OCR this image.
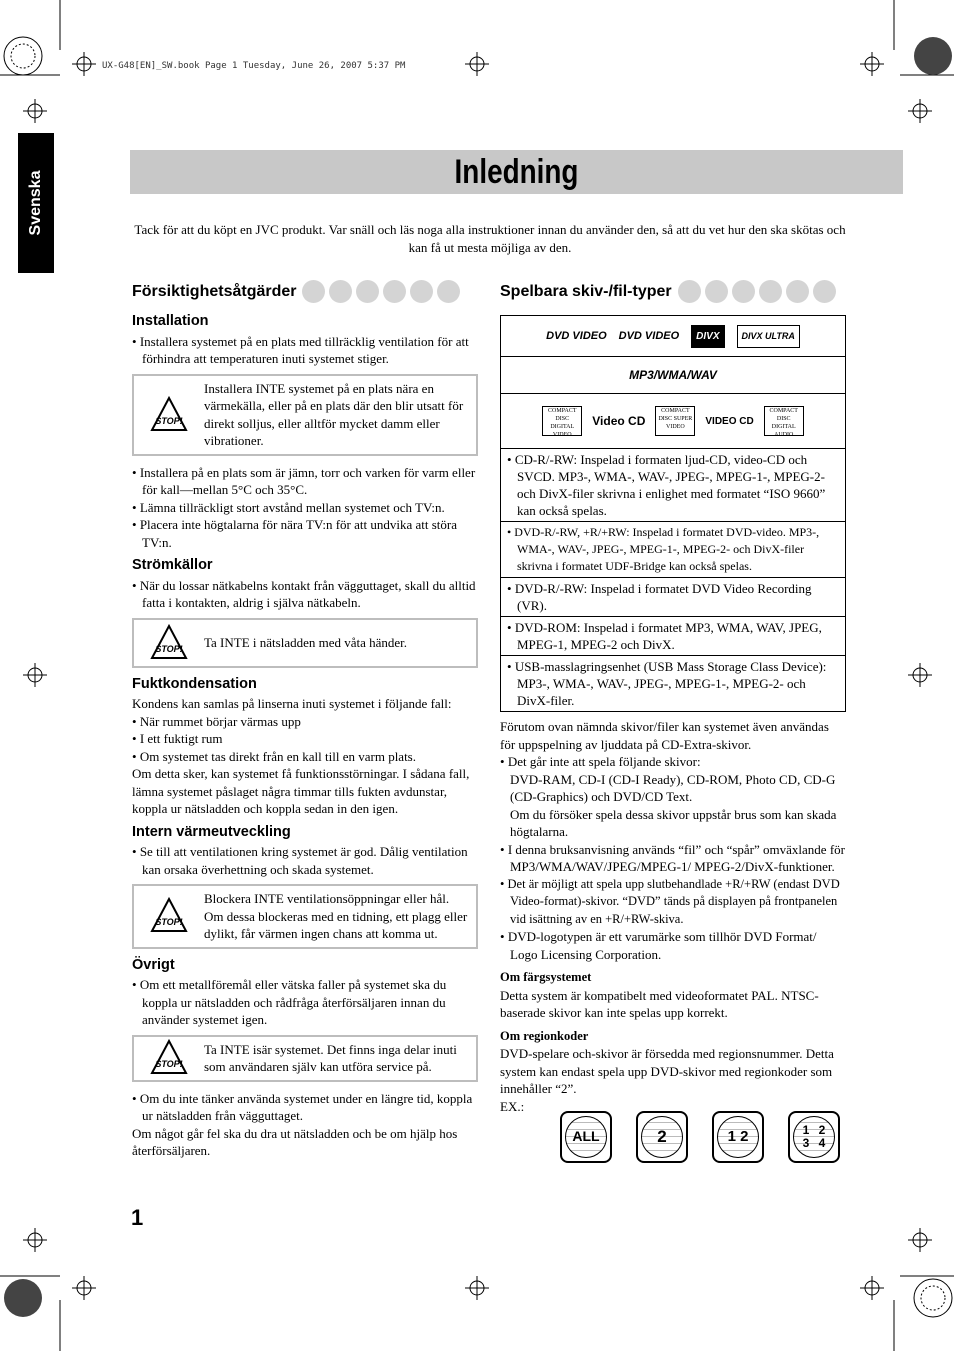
UX-G48[EN]_SW.book Page 1 Tuesday, June 26, 2007 5:37 PM
Svenska	Inledning
Tack för att du köpt en JVC produkt. Var snäll och läs noga alla instruktioner innan du använder den, så att du vet hur den ska skötas och kan få ut mesta möjliga av den.
Försiktighetsåtgärder
Installation

• Installera systemet på en plats med tillräcklig ventilation för att förhindra att temperaturen inuti systemet stiger.

STOP!
Installera INTE systemet på en plats nära en värmekälla, eller på en plats där den blir utsatt för direkt solljus, eller alltför mycket damm eller vibrationer.

• Installera på en plats som är jämn, torr och varken för varm eller för kall—mellan 5°C och 35°C.

• Lämna tillräckligt stort avstånd mellan systemet och TV:n.

• Placera inte högtalarna för nära TV:n för att undvika att störa TV:n.

Strömkällor

• När du lossar nätkabelns kontakt från vägguttaget, skall du alltid fatta i kontakten, aldrig i själva nätkabeln.

STOP! Ta INTE i nätsladden med våta händer.
Fuktkondensation

Kondens kan samlas på linserna inuti systemet i följande fall:

• När rummet börjar värmas upp

• I ett fuktigt rum

• Om systemet tas direkt från en kall till en varm plats.

Om detta sker, kan systemet få funktionsstörningar. I sådana fall, lämna systemet påslaget några timmar tills fukten avdunstar, koppla ur nätsladden och koppla sedan in den igen.

Intern värmeutveckling

• Se till att ventilationen kring systemet är god. Dålig ventilation kan orsaka överhettning och skada systemet.

STOP!
Blockera INTE ventilationsöppningar eller hål. Om dessa blockeras med en tidning, ett plagg eller dylikt, får värmen ingen chans att komma ut.
Övrigt

• Om ett metallföremål eller vätska faller på systemet ska du koppla ur nätsladden och rådfråga återförsäljaren innan du använder systemet igen.

STOP!
Ta INTE isär systemet. Det finns inga delar inuti som användaren själv kan utföra service på.

• Om du inte tänker använda systemet under en längre tid, koppla ur nätsladden från vägguttaget.

Om något går fel ska du dra ut nätsladden och be om hjälp hos återförsäljaren.

Spelbara skiv-/fil-typer
DVD VIDEO DVD VIDEO	DIVX	DIVX ULTRA

MP3/WMA/WAV

COMPACT DISC DIGITAL VIDEO
Video CD
COMPACT DISC SUPER VIDEO
VIDEO CD
COMPACT DISC DIGITAL AUDIO

• CD-R/-RW: Inspelad i formaten ljud-CD, video-CD och SVCD. MP3-, WMA-, WAV-, JPEG-, MPEG-1-, MPEG-2- och DivX-filer skrivna i enlighet med formatet “ISO 9660” kan också spelas.

• DVD-R/-RW, +R/+RW: Inspelad i formatet DVD-video. MP3-, WMA-, WAV-, JPEG-, MPEG-1-, MPEG-2- och DivX-filer skrivna i formatet UDF-Bridge kan också spelas.

• DVD-R/-RW: Inspelad i formatet DVD Video Recording (VR).

• DVD-ROM: Inspelad i formatet MP3, WMA, WAV, JPEG, MPEG-1, MPEG-2 och DivX.

• USB-masslagringsenhet (USB Mass Storage Class Device): MP3-, WMA-, WAV-, JPEG-, MPEG-1-, MPEG-2- och DivX-filer.

Förutom ovan nämnda skivor/filer kan systemet även användas för uppspelning av ljuddata på CD-Extra-skivor.

• Det går inte att spela följande skivor:

DVD-RAM, CD-I (CD-I Ready), CD-ROM, Photo CD, CD-G (CD-Graphics) och DVD/CD Text.

Om du försöker spela dessa skivor uppstår brus som kan skada högtalarna.

• I denna bruksanvisning används “fil” och “spår” omväxlande för MP3/WMA/WAV/JPEG/MPEG-1/ MPEG-2/DivX-funktioner.

• Det är möjligt att spela upp slutbehandlade +R/+RW (endast DVD Video-format)-skivor. “DVD” tänds på displayen på frontpanelen vid isättning av en +R/+RW-skiva.

• DVD-logotypen är ett varumärke som tillhör DVD Format/ Logo Licensing Corporation.

Om färgsystemet

Detta system är kompatibelt med videoformatet PAL. NTSC-baserade skivor kan inte spelas upp korrekt.

Om regionkoder

DVD-spelare och-skivor är försedda med regionsnummer. Detta system kan endast spela upp DVD-skivor med regionkoder som innehåller “2”.

EX.:

ALL	2	1 2	1 2 3 4
1
